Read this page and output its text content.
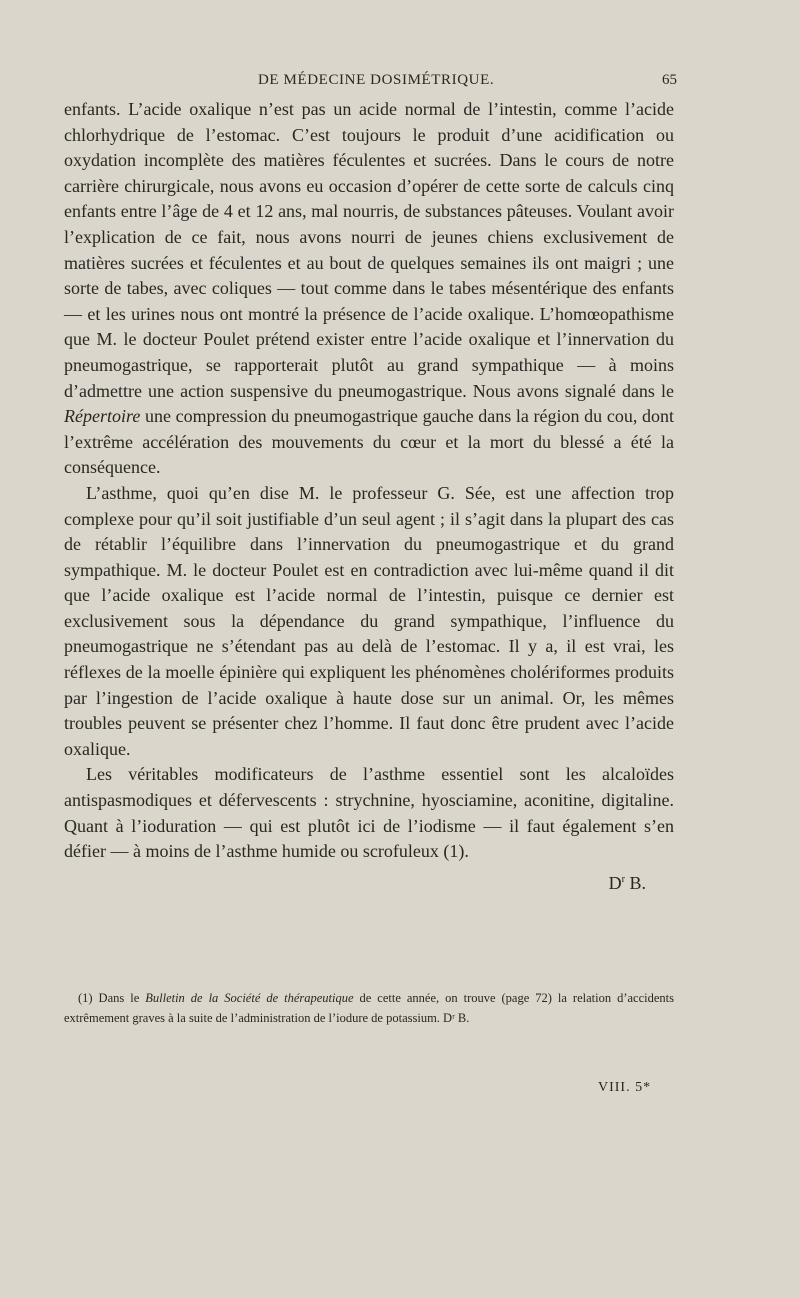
DE MÉDECINE DOSIMÉTRIQUE.	65

enfants. L’acide oxalique n’est pas un acide normal de l’intestin, comme l’acide chlorhydrique de l’estomac. C’est toujours le produit d’une acidification ou oxydation incomplète des matières féculentes et sucrées. Dans le cours de notre carrière chirurgicale, nous avons eu occasion d’opérer de cette sorte de calculs cinq enfants entre l’âge de 4 et 12 ans, mal nourris, de substances pâteuses. Voulant avoir l’explication de ce fait, nous avons nourri de jeunes chiens exclusivement de matières sucrées et féculentes et au bout de quelques semaines ils ont maigri ; une sorte de tabes, avec coliques — tout comme dans le tabes mésentérique des enfants — et les urines nous ont montré la présence de l’acide oxalique. L’homœopathisme que M. le docteur Poulet prétend exister entre l’acide oxalique et l’innervation du pneumogastrique, se rapporterait plutôt au grand sympathique — à moins d’admettre une action suspensive du pneumogastrique. Nous avons signalé dans le Répertoire une compression du pneumogastrique gauche dans la région du cou, dont l’extrême accélération des mouvements du cœur et la mort du blessé a été la conséquence.

L’asthme, quoi qu’en dise M. le professeur G. Sée, est une affection trop complexe pour qu’il soit justifiable d’un seul agent ; il s’agit dans la plupart des cas de rétablir l’équilibre dans l’innervation du pneumogastrique et du grand sympathique. M. le docteur Poulet est en contradiction avec lui-même quand il dit que l’acide oxalique est l’acide normal de l’intestin, puisque ce dernier est exclusivement sous la dépendance du grand sympathique, l’influence du pneumogastrique ne s’étendant pas au delà de l’estomac. Il y a, il est vrai, les réflexes de la moelle épinière qui expliquent les phénomènes cholériformes produits par l’ingestion de l’acide oxalique à haute dose sur un animal. Or, les mêmes troubles peuvent se présenter chez l’homme. Il faut donc être prudent avec l’acide oxalique.

Les véritables modificateurs de l’asthme essentiel sont les alcaloïdes antispasmodiques et défervescents : strychnine, hyosciamine, aconitine, digitaline. Quant à l’ioduration — qui est plutôt ici de l’iodisme — il faut également s’en défier — à moins de l’asthme humide ou scrofuleux (1).

$D^r$ B.

(1) Dans le Bulletin de la Société de thérapeutique de cette année, on trouve (page 72) la relation d’accidents extrêmement graves à la suite de l’administration de l’iodure de potassium. Dʳ B.
VIII. 5*
